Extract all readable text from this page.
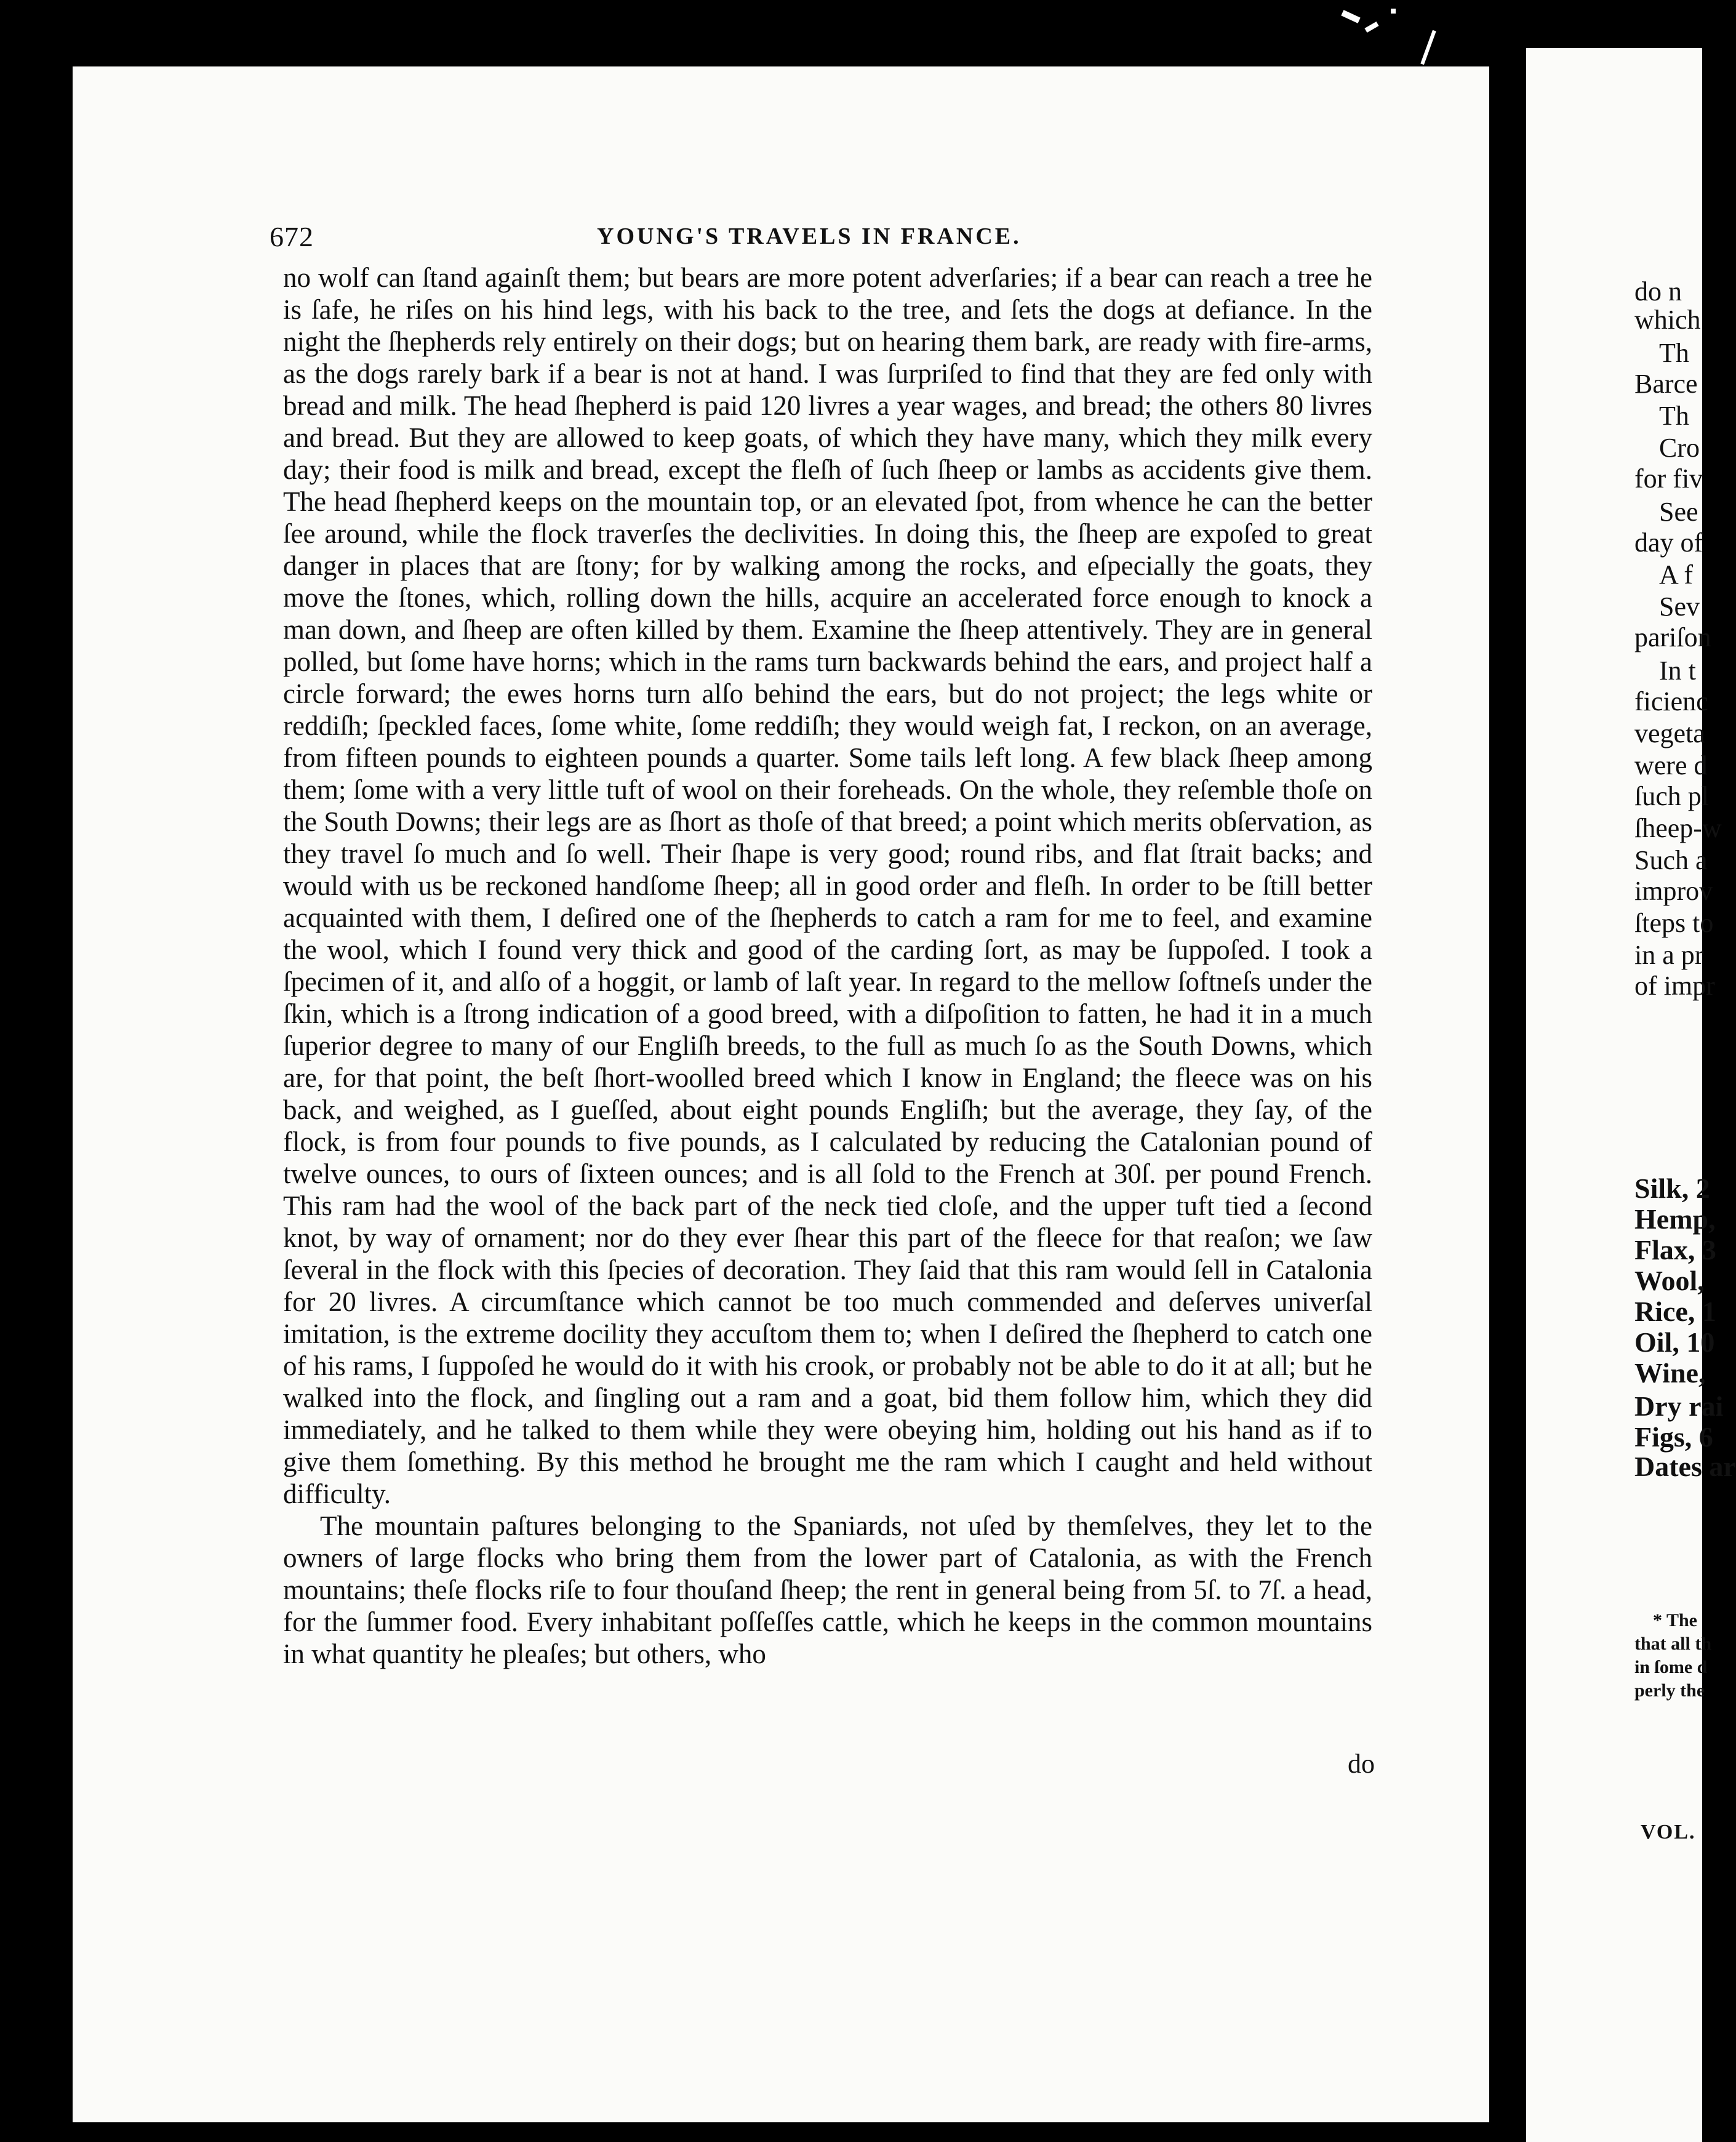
do n
which
Th
Barce
Th
Cro
for fiv
See
day of
A f
Sev
pariſon
In t
ficienc
vegeta
were d
ſuch pl
ſheep-w
Such a
improv
ſteps to
in a pr
of impr
Silk, 2
Hemp,
Flax, 3
Wool,
Rice, 1
Oil, 10
Wine,
Dry rai
Figs, 6
Dates ar
* The
that all th
in ſome d
perly the
VOL.
672	YOUNG'S TRAVELS IN FRANCE.

no wolf can ſtand againſt them; but bears are more potent adverſaries; if a bear can reach a tree he is ſafe, he riſes on his hind legs, with his back to the tree, and ſets the dogs at defiance. In the night the ſhepherds rely entirely on their dogs; but on hearing them bark, are ready with fire-arms, as the dogs rarely bark if a bear is not at hand. I was ſurpriſed to find that they are fed only with bread and milk. The head ſhepherd is paid 120 livres a year wages, and bread; the others 80 livres and bread. But they are allowed to keep goats, of which they have many, which they milk every day; their food is milk and bread, except the fleſh of ſuch ſheep or lambs as accidents give them. The head ſhepherd keeps on the mountain top, or an elevated ſpot, from whence he can the better ſee around, while the flock traverſes the declivities. In doing this, the ſheep are expoſed to great danger in places that are ſtony; for by walking among the rocks, and eſpecially the goats, they move the ſtones, which, rolling down the hills, acquire an accelerated force enough to knock a man down, and ſheep are often killed by them. Examine the ſheep attentively. They are in general polled, but ſome have horns; which in the rams turn backwards behind the ears, and project half a circle forward; the ewes horns turn alſo behind the ears, but do not project; the legs white or reddiſh; ſpeckled faces, ſome white, ſome reddiſh; they would weigh fat, I reckon, on an average, from fifteen pounds to eighteen pounds a quarter. Some tails left long. A few black ſheep among them; ſome with a very little tuft of wool on their foreheads. On the whole, they reſemble thoſe on the South Downs; their legs are as ſhort as thoſe of that breed; a point which merits obſervation, as they travel ſo much and ſo well. Their ſhape is very good; round ribs, and flat ſtrait backs; and would with us be reckoned handſome ſheep; all in good order and fleſh. In order to be ſtill better acquainted with them, I deſired one of the ſhepherds to catch a ram for me to feel, and examine the wool, which I found very thick and good of the carding ſort, as may be ſuppoſed. I took a ſpecimen of it, and alſo of a hoggit, or lamb of laſt year. In regard to the mellow ſoftneſs under the ſkin, which is a ſtrong indication of a good breed, with a diſpoſition to fatten, he had it in a much ſuperior degree to many of our Engliſh breeds, to the full as much ſo as the South Downs, which are, for that point, the beſt ſhort-woolled breed which I know in England; the fleece was on his back, and weighed, as I gueſſed, about eight pounds Engliſh; but the average, they ſay, of the flock, is from four pounds to five pounds, as I calculated by reducing the Catalonian pound of twelve ounces, to ours of ſixteen ounces; and is all ſold to the French at 30ſ. per pound French. This ram had the wool of the back part of the neck tied cloſe, and the upper tuft tied a ſecond knot, by way of ornament; nor do they ever ſhear this part of the fleece for that reaſon; we ſaw ſeveral in the flock with this ſpecies of decoration. They ſaid that this ram would ſell in Catalonia for 20 livres. A circumſtance which cannot be too much commended and deſerves univerſal imitation, is the extreme docility they accuſtom them to; when I deſired the ſhepherd to catch one of his rams, I ſuppoſed he would do it with his crook, or probably not be able to do it at all; but he walked into the flock, and ſingling out a ram and a goat, bid them follow him, which they did immediately, and he talked to them while they were obeying him, holding out his hand as if to give them ſomething. By this method he brought me the ram which I caught and held without difficulty.

The mountain paſtures belonging to the Spaniards, not uſed by themſelves, they let to the owners of large flocks who bring them from the lower part of Catalonia, as with the French mountains; theſe flocks riſe to four thouſand ſheep; the rent in general being from 5ſ. to 7ſ. a head, for the ſummer food. Every inhabitant poſſeſſes cattle, which he keeps in the common mountains in what quantity he pleaſes; but others, who

do
